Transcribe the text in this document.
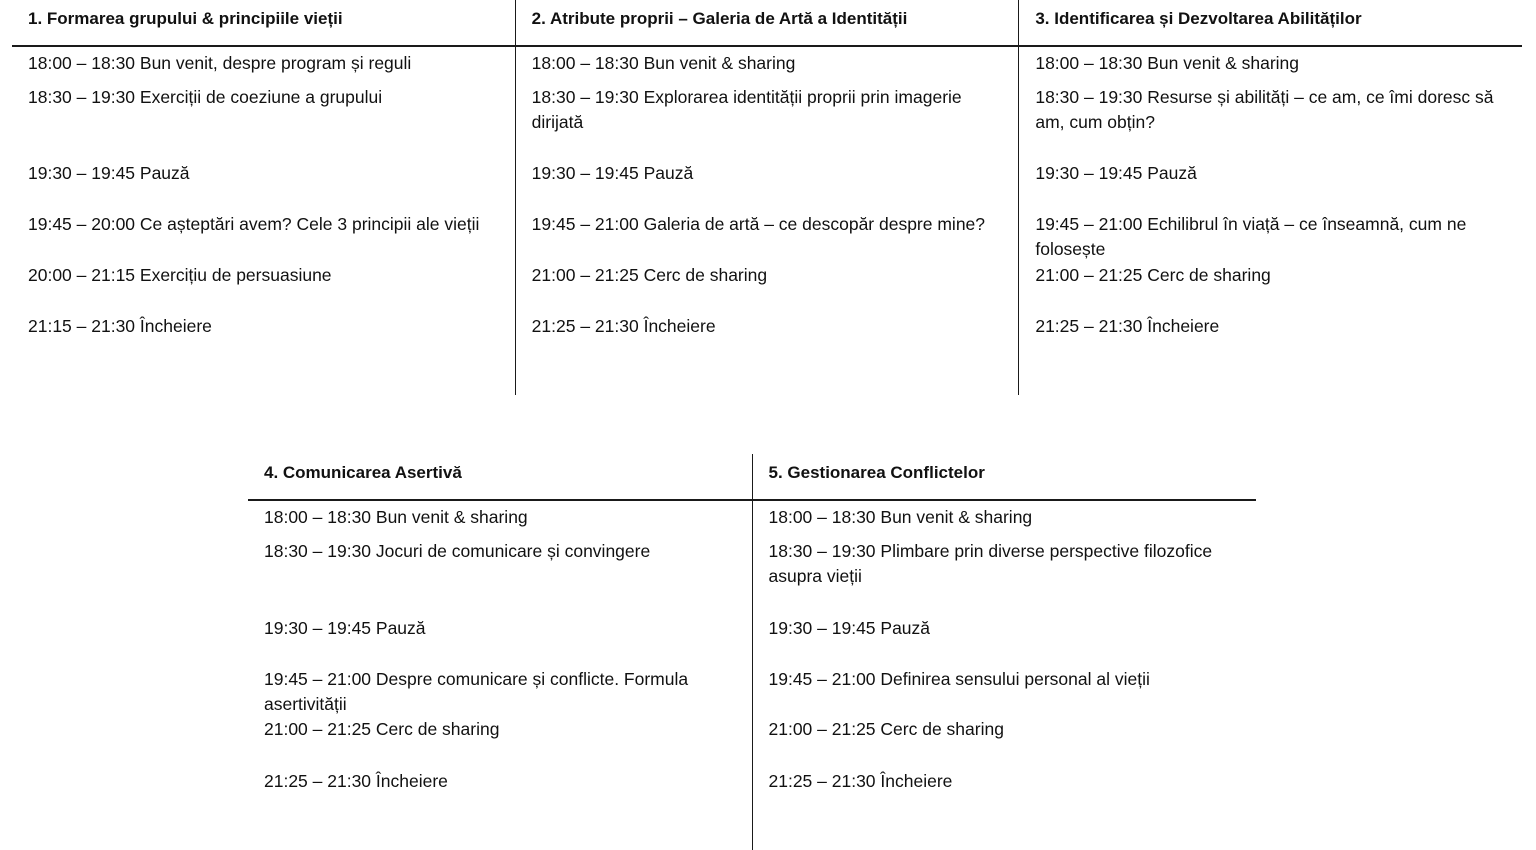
1. Formarea grupului & principiile vieții
18:00 – 18:30 Bun venit, despre program și reguli
18:30 – 19:30 Exerciții de coeziune a grupului
19:30 – 19:45 Pauză
19:45 – 20:00 Ce așteptări avem? Cele 3 principii ale vieții
20:00 – 21:15 Exercițiu de persuasiune
21:15 – 21:30 Încheiere
2. Atribute proprii – Galeria de Artă a Identității
18:00 – 18:30 Bun venit & sharing
18:30 – 19:30 Explorarea identității proprii prin imagerie dirijată
19:30 – 19:45 Pauză
19:45 – 21:00 Galeria de artă – ce descopăr despre mine?
21:00 – 21:25 Cerc de sharing
21:25 – 21:30 Încheiere
3. Identificarea și Dezvoltarea Abilităților
18:00 – 18:30 Bun venit & sharing
18:30 – 19:30 Resurse și abilități – ce am, ce îmi doresc să am, cum obțin?
19:30 – 19:45 Pauză
19:45 – 21:00 Echilibrul în viață – ce înseamnă, cum ne folosește
21:00 – 21:25 Cerc de sharing
21:25 – 21:30 Încheiere
4. Comunicarea Asertivă
18:00 – 18:30 Bun venit & sharing
18:30 – 19:30 Jocuri de comunicare și convingere
19:30 – 19:45 Pauză
19:45 – 21:00 Despre comunicare și conflicte. Formula asertivității
21:00 – 21:25 Cerc de sharing
21:25 – 21:30 Încheiere
5. Gestionarea Conflictelor
18:00 – 18:30 Bun venit & sharing
18:30 – 19:30 Plimbare prin diverse perspective filozofice asupra vieții
19:30 – 19:45 Pauză
19:45 – 21:00 Definirea sensului personal al vieții
21:00 – 21:25 Cerc de sharing
21:25 – 21:30 Încheiere
